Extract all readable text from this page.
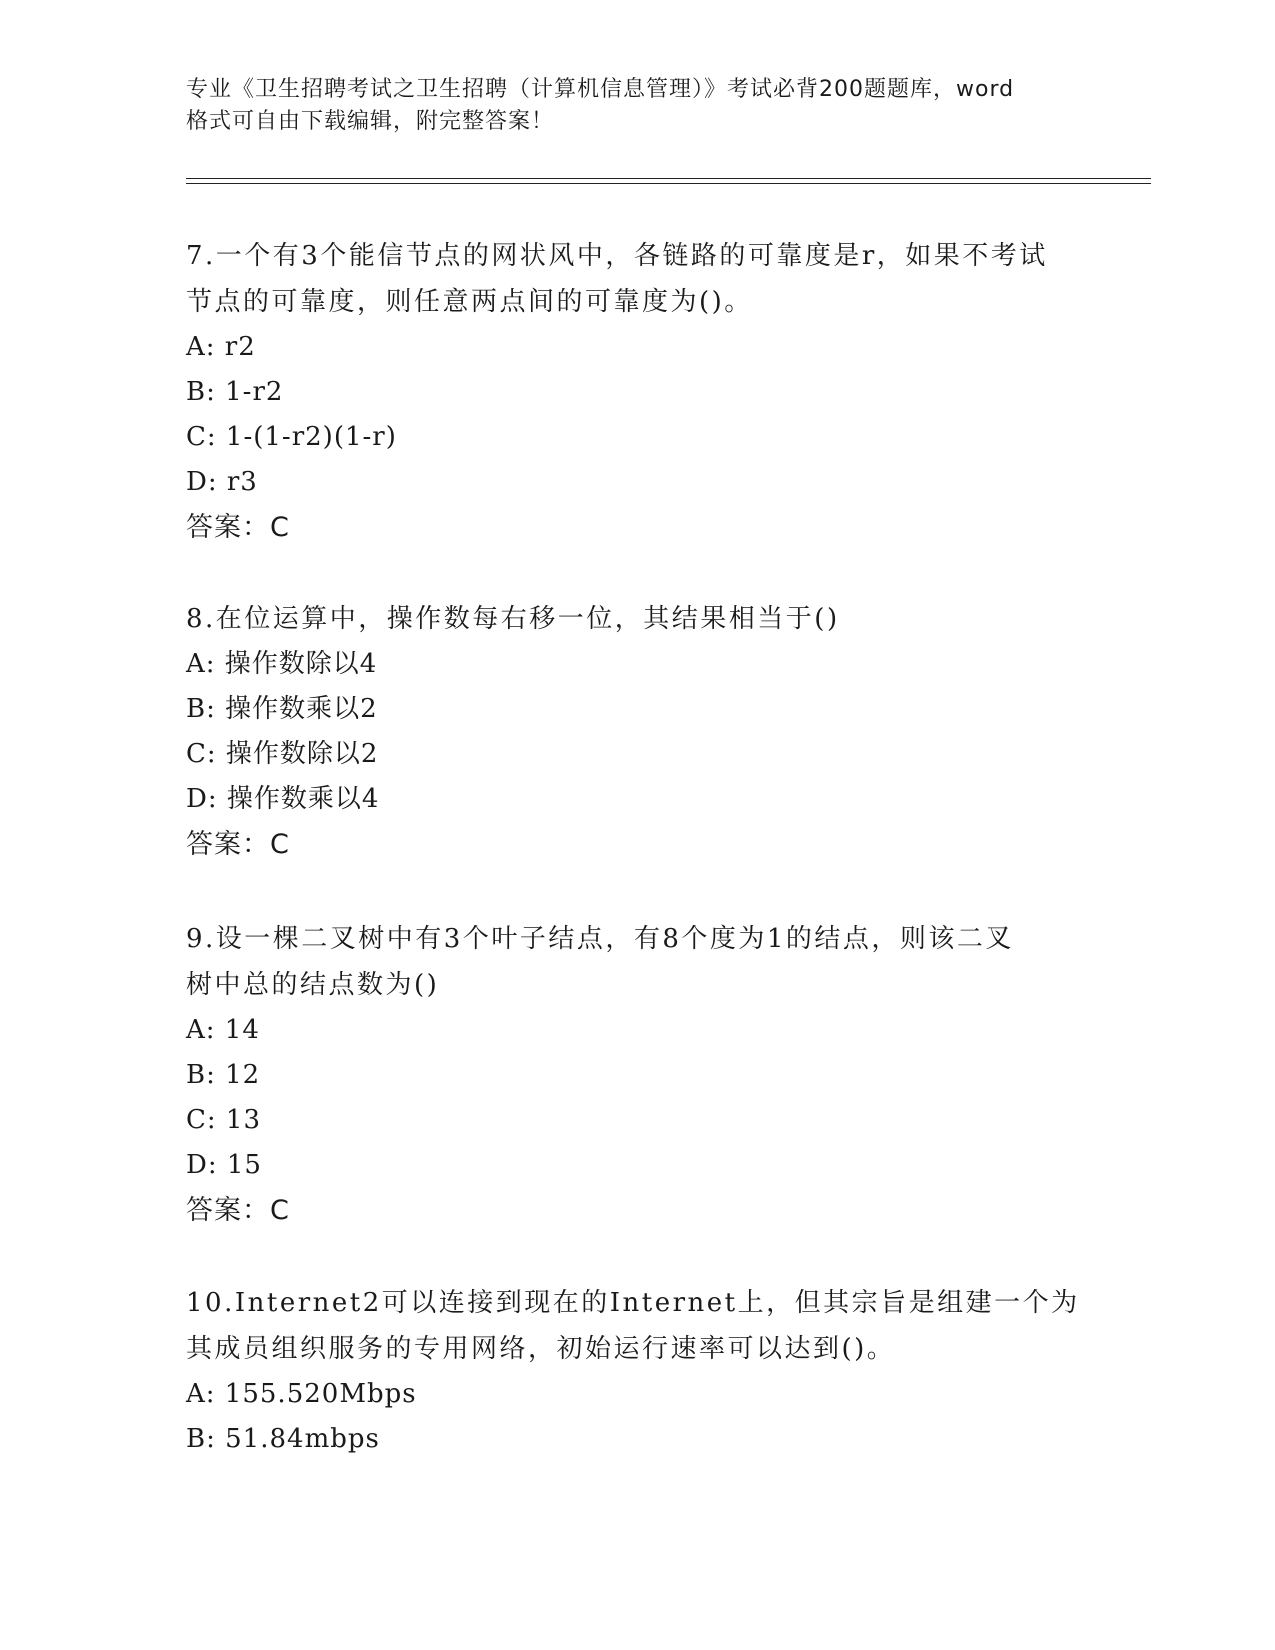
专业《卫生招聘考试之卫生招聘（计算机信息管理）》考试必背200题题库，word
格式可自由下载编辑，附完整答案！

7.一个有3个能信节点的网状风中，各链路的可靠度是r，如果不考试

节点的可靠度，则任意两点间的可靠度为()。

A: r2

B: 1-r2

C: 1-(1-r2)(1-r)

D: r3

答案：C

8.在位运算中，操作数每右移一位，其结果相当于()

A: 操作数除以4

B: 操作数乘以2

C: 操作数除以2

D: 操作数乘以4

答案：C

9.设一棵二叉树中有3个叶子结点，有8个度为1的结点，则该二叉

树中总的结点数为()

A: 14

B: 12

C: 13

D: 15

答案：C

10.Internet2可以连接到现在的Internet上，但其宗旨是组建一个为

其成员组织服务的专用网络，初始运行速率可以达到()。

A: 155.520Mbps

B: 51.84mbps
